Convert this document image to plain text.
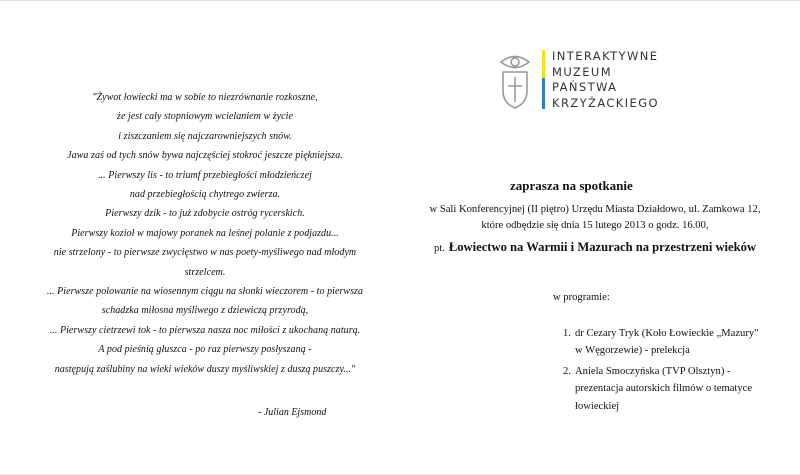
"Żywot łowiecki ma w sobie to niezrównanie rozkoszne,
że jest cały stopniowym wcielaniem w życie
i ziszczaniem się najczarowniejszych snów.
Jawa zaś od tych snów bywa najczęściej stokroć jeszcze piękniejsza.
... Pierwszy lis - to triumf przebiegłości młodzieńczej
nad przebiegłością chytrego zwierza.
Pierwszy dzik - to już zdobycie ostróg rycerskich.
Pierwszy kozioł w majowy poranek na leśnej polanie z podjazdu...
nie strzelony - to pierwsze zwycięstwo w nas poety-myśliwego nad młodym
strzelcem.
... Pierwsze polowanie na wiosennym ciągu na słonki wieczorem - to pierwsza
schadzka miłosna myśliwego z dziewiczą przyrodą,
... Pierwszy cietrzewi tok - to pierwsza nasza noc miłości z ukochaną naturą.
A pod pieśnią głuszca - po raz pierwszy posłyszaną -
następują zaślubiny na wieki wieków duszy myśliwskiej z duszą puszczy..."
- Julian Ejsmond
INTERAKTYWNE
MUZEUM
PAŃSTWA
KRZYŻACKIEGO
zaprasza na spotkanie
w Sali Konferencyjnej (II piętro) Urzędu Miasta Działdowo, ul. Zamkowa 12,
które odbędzie się dnia 15 lutego 2013 o godz. 16.00,
pt. Łowiectwo na Warmii i Mazurach na przestrzeni wieków
w programie:
1. dr Cezary Tryk (Koło Łowieckie „Mazury"
w Węgorzewie) - prelekcja
2. Aniela Smoczyńska (TVP Olsztyn) -
prezentacja autorskich filmów o tematyce
łowieckiej
